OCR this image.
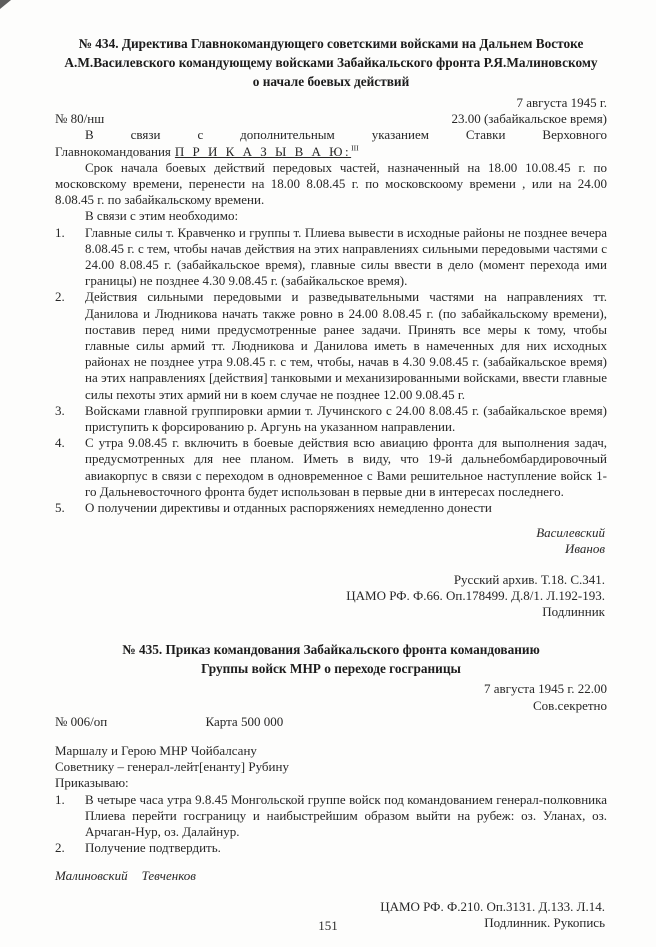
№ 434. Директива Главнокомандующего советскими войсками на Дальнем Востоке
А.М.Василевского командующему войсками Забайкальского фронта Р.Я.Малиновскому
о начале боевых действий
7 августа 1945 г.
№ 80/нш	23.00 (забайкальское время)

В связи с дополнительным указанием Ставки Верховного Главнокомандования П Р И К А З Ы В А Ю:$^{III}$

Срок начала боевых действий передовых частей, назначенный на 18.00 10.08.45 г. по московскому времени, перенести на 18.00 8.08.45 г. по московскоому времени , или на 24.00 8.08.45 г. по забайкальскому времени.

В связи с этим необходимо:

1.	Главные силы т. Кравченко и группы т. Плиева вывести в исходные районы не позднее вечера 8.08.45 г. с тем, чтобы начав действия на этих направлениях сильными передовыми частями с 24.00 8.08.45 г. (забайкальское время), главные силы ввести в дело (момент перехода ими границы) не позднее 4.30 9.08.45 г. (забайкальское время).
2.	Действия сильными передовыми и разведывательными частями на направлениях тт. Данилова и Людникова начать также ровно в 24.00 8.08.45 г. (по забайкальскому времени), поставив перед ними предусмотренные ранее задачи. Принять все меры к тому, чтобы главные силы армий тт. Людникова и Данилова иметь в намеченных для них исходных районах не позднее утра 9.08.45 г. с тем, чтобы, начав в 4.30 9.08.45 г. (забайкальское время) на этих направлениях [действия] танковыми и механизированными войсками, ввести главные силы пехоты этих армий ни в коем случае не позднее 12.00 9.08.45 г.
3.	Войсками главной группировки армии т. Лучинского с 24.00 8.08.45 г. (забайкальское время) приступить к форсированию р. Аргунь на указанном направлении.
4.	С утра 9.08.45 г. включить в боевые действия всю авиацию фронта для выполнения задач, предусмотренных для нее планом. Иметь в виду, что 19-й дальнебомбардировочный авиакорпус в связи с переходом в одновременное с Вами решительное наступление войск 1-го Дальневосточного фронта будет использован в первые дни в интересах последнего.
5.	О получении директивы и отданных распоряжениях немедленно донести
Василевский
Иванов
Русский архив. Т.18. С.341.
ЦАМО РФ. Ф.66. Оп.178499. Д.8/1. Л.192-193.
Подлинник
№ 435. Приказ командования Забайкальского фронта командованию
Группы войск МНР о переходе госграницы
7 августа 1945 г. 22.00
Сов.секретно
№ 006/оп	Карта 500 000
Маршалу и Герою МНР Чойбалсану
Советнику – генерал-лейт[енанту] Рубину

Приказываю:

1.	В четыре часа утра 9.8.45 Монгольской группе войск под командованием генерал-полковника Плиева перейти госграницу и наибыстрейшим образом выйти на рубеж: оз. Уланах, оз. Арчаган-Нур, оз. Далайнур.
2.	Получение подтвердить.
Малиновский Тевченков
ЦАМО РФ. Ф.210. Оп.3131. Д.133. Л.14.
Подлинник. Рукопись
151
